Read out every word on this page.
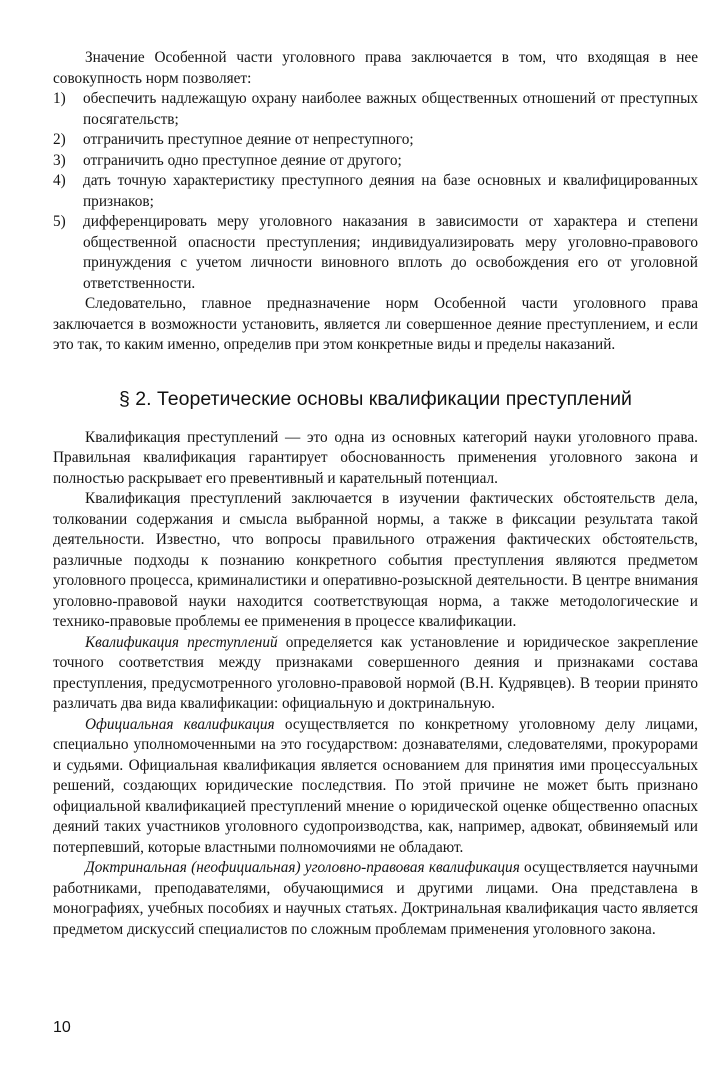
Значение Особенной части уголовного права заключается в том, что входящая в нее совокупность норм позволяет:

1) обеспечить надлежащую охрану наиболее важных общественных отношений от преступных посягательств;
2) отграничить преступное деяние от непреступного;
3) отграничить одно преступное деяние от другого;
4) дать точную характеристику преступного деяния на базе основных и квалифицированных признаков;
5) дифференцировать меру уголовного наказания в зависимости от характера и степени общественной опасности преступления; индивидуализировать меру уголовно-правового принуждения с учетом личности виновного вплоть до освобождения его от уголовной ответственности.

Следовательно, главное предназначение норм Особенной части уголовного права заключается в возможности установить, является ли совершенное деяние преступлением, и если это так, то каким именно, определив при этом конкретные виды и пределы наказаний.

§ 2. Теоретические основы квалификации преступлений

Квалификация преступлений — это одна из основных категорий науки уголовного права. Правильная квалификация гарантирует обоснованность применения уголовного закона и полностью раскрывает его превентивный и карательный потенциал.

Квалификация преступлений заключается в изучении фактических обстоятельств дела, толковании содержания и смысла выбранной нормы, а также в фиксации результата такой деятельности. Известно, что вопросы правильного отражения фактических обстоятельств, различные подходы к познанию конкретного события преступления являются предметом уголовного процесса, криминалистики и оперативно-розыскной деятельности. В центре внимания уголовно-правовой науки находится соответствующая норма, а также методологические и технико-правовые проблемы ее применения в процессе квалификации.

Квалификация преступлений определяется как установление и юридическое закрепление точного соответствия между признаками совершенного деяния и признаками состава преступления, предусмотренного уголовно-правовой нормой (В.Н. Кудрявцев). В теории принято различать два вида квалификации: официальную и доктринальную.

Официальная квалификация осуществляется по конкретному уголовному делу лицами, специально уполномоченными на это государством: дознавателями, следователями, прокурорами и судьями. Официальная квалификация является основанием для принятия ими процессуальных решений, создающих юридические последствия. По этой причине не может быть признано официальной квалификацией преступлений мнение о юридической оценке общественно опасных деяний таких участников уголовного судопроизводства, как, например, адвокат, обвиняемый или потерпевший, которые властными полномочиями не обладают.

Доктринальная (неофициальная) уголовно-правовая квалификация осуществляется научными работниками, преподавателями, обучающимися и другими лицами. Она представлена в монографиях, учебных пособиях и научных статьях. Доктринальная квалификация часто является предметом дискуссий специалистов по сложным проблемам применения уголовного закона.

10
